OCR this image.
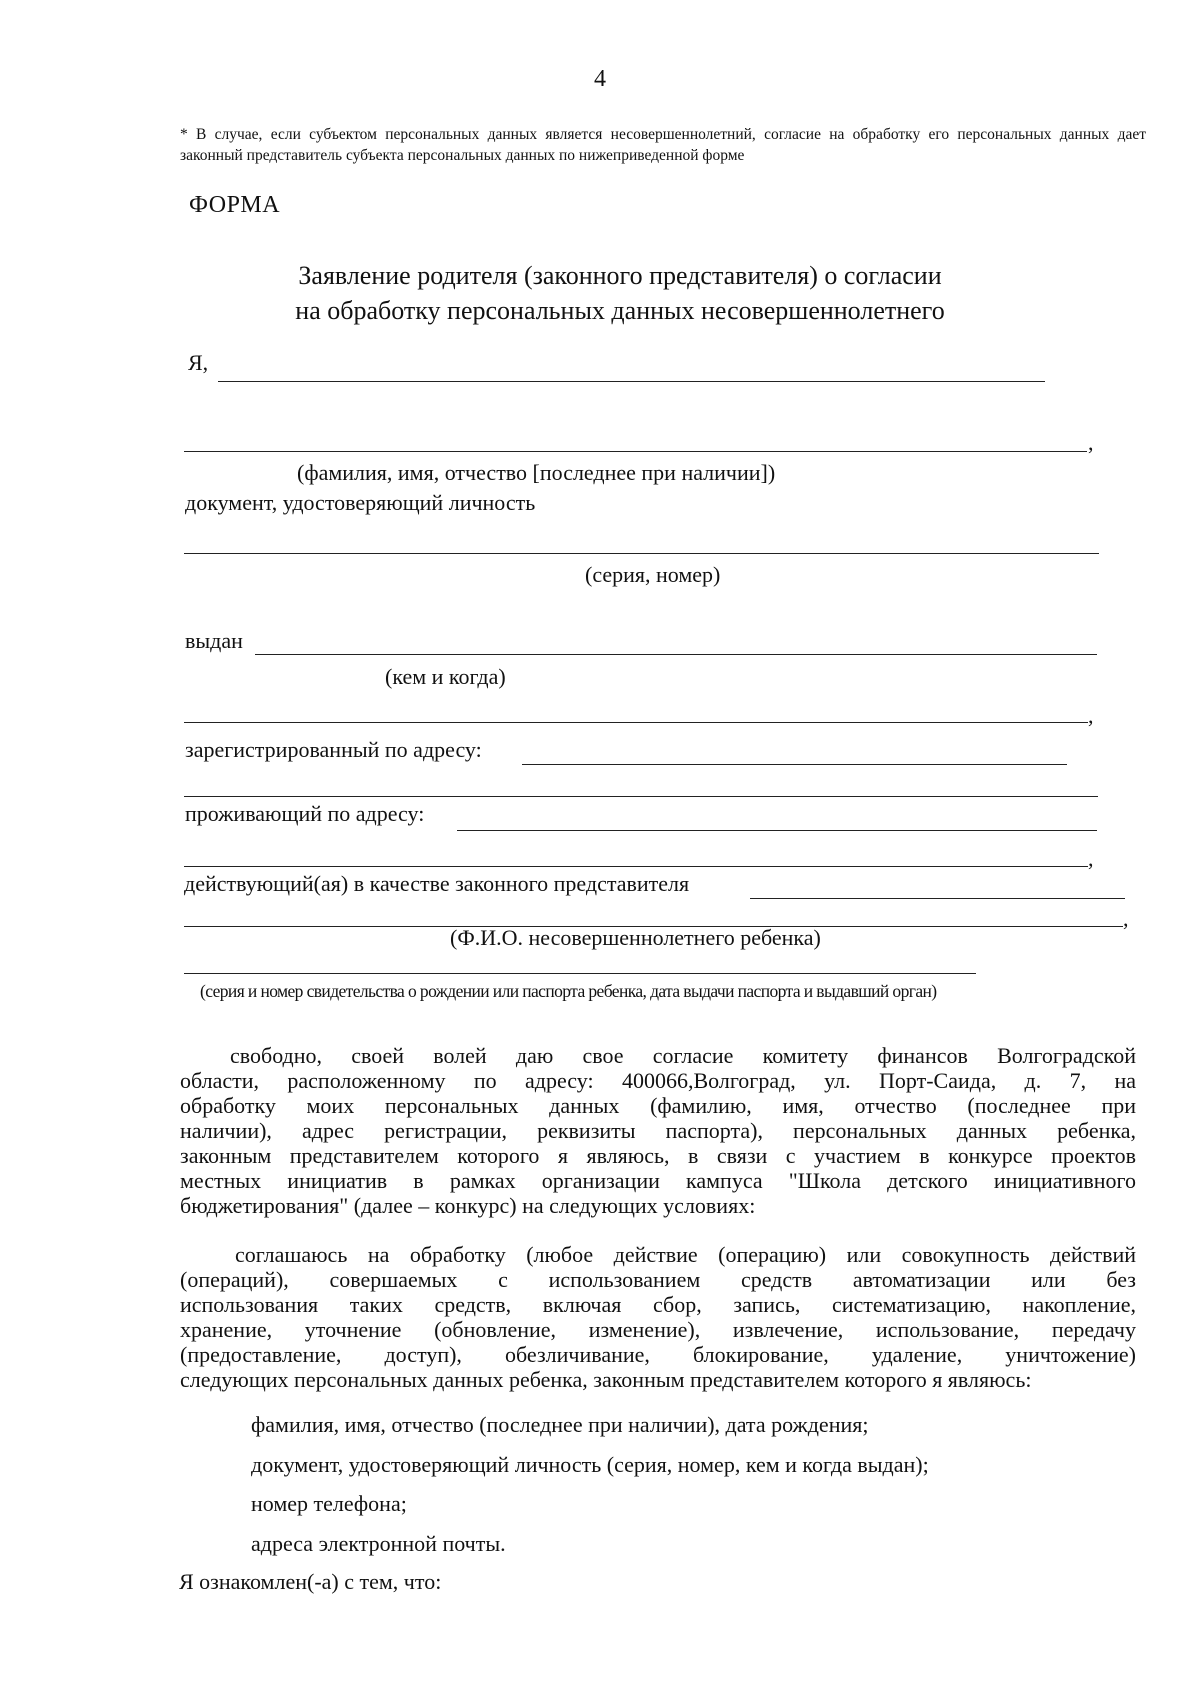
4
* В случае, если субъектом персональных данных является несовершеннолетний, согласие на обработку его персональных данных дает законный представитель субъекта персональных данных по нижеприведенной форме
ФОРМА
Заявление родителя (законного представителя) о согласии
на обработку персональных данных несовершеннолетнего
Я,
,
(фамилия, имя, отчество [последнее при наличии])
документ, удостоверяющий личность
(серия, номер)
выдан
(кем и когда)
,
зарегистрированный по адресу:
проживающий по адресу:
,
действующий(ая) в качестве законного представителя
,
(Ф.И.О. несовершеннолетнего ребенка)
(серия и номер свидетельства о рождении или паспорта ребенка, дата выдачи паспорта и выдавший орган)
свободно, своей волей даю свое согласие комитету финансов Волгоградской
области, расположенному по адресу: 400066,Волгоград, ул. Порт-Саида, д. 7, на
обработку моих персональных данных (фамилию, имя, отчество (последнее при
наличии), адрес регистрации, реквизиты паспорта), персональных данных ребенка,
законным представителем которого я являюсь, в связи с участием в конкурсе проектов
местных инициатив в рамках организации кампуса "Школа детского инициативного
бюджетирования" (далее – конкурс) на следующих условиях:
соглашаюсь на обработку (любое действие (операцию) или совокупность действий
(операций), совершаемых с использованием средств автоматизации или без
использования таких средств, включая сбор, запись, систематизацию, накопление,
хранение, уточнение (обновление, изменение), извлечение, использование, передачу
(предоставление, доступ), обезличивание, блокирование, удаление, уничтожение)
следующих персональных данных ребенка, законным представителем которого я являюсь:
фамилия, имя, отчество (последнее при наличии), дата рождения;
документ, удостоверяющий личность (серия, номер, кем и когда выдан);
номер телефона;
адреса электронной почты.
Я ознакомлен(-а) с тем, что:
